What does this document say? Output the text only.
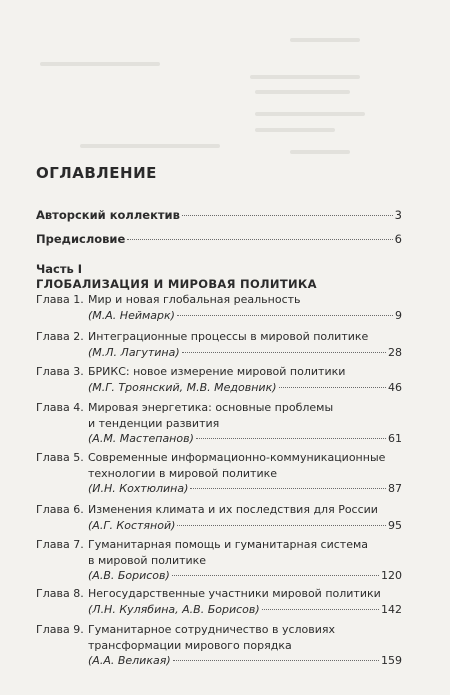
ОГЛАВЛЕНИЕ
Авторский коллектив	3
Предисловие	6
Часть I
ГЛОБАЛИЗАЦИЯ И МИРОВАЯ ПОЛИТИКА
Глава 1. Мир и новая глобальная реальность
(М.А. Неймарк)	9
Глава 2. Интеграционные процессы в мировой политике
(М.Л. Лагутина)	28
Глава 3. БРИКС: новое измерение мировой политики
(М.Г. Троянский, М.В. Медовник)	46
Глава 4. Мировая энергетика: основные проблемы
и тенденции развития
(А.М. Мастепанов)	61
Глава 5. Современные информационно-коммуникационные
технологии в мировой политике
(И.Н. Кохтюлина)	87
Глава 6. Изменения климата и их последствия для России
(А.Г. Костяной)	95
Глава 7. Гуманитарная помощь и гуманитарная система
в мировой политике
(А.В. Борисов)	120
Глава 8. Негосударственные участники мировой политики
(Л.Н. Кулябина, А.В. Борисов)	142
Глава 9. Гуманитарное сотрудничество в условиях
трансформации мирового порядка
(А.А. Великая)	159
